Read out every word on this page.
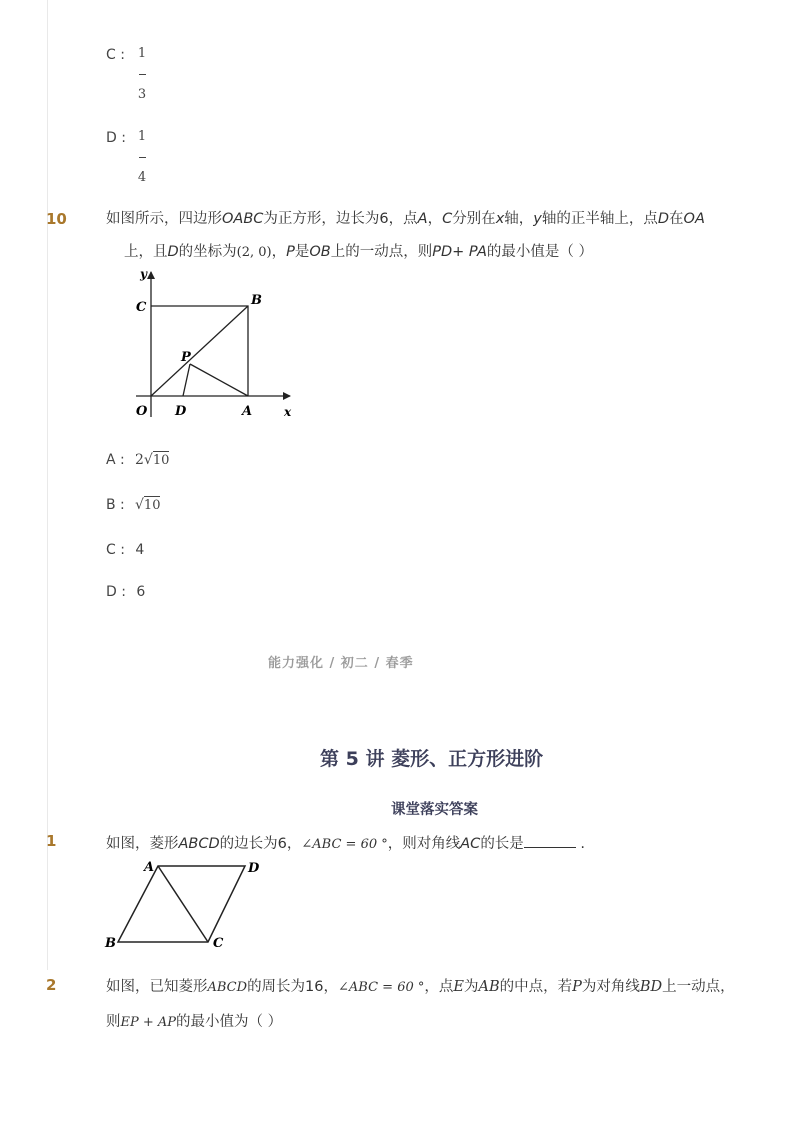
C : 1
3
D : 1
4
10	如图所示，四边形OABC为正方形，边长为6，点A，C分别在x轴，y轴的正半轴上，点D在OA
上，且D的坐标为(2, 0)，P是OB上的一动点，则PD+ PA的最小值是（ ）
y
x
C	B
P
O D	A
A : 2√10
B : √10
C : 4
D : 6
能力强化 / 初二 / 春季
第 5 讲 菱形、正方形进阶
课堂落实答案
1	如图，菱形ABCD的边长为6，∠ABC = 60 °，则对角线AC的长是	.
A	D
B	C
2	如图，已知菱形ABCD的周长为16，∠ABC = 60 °，点E为AB的中点，若P为对角线BD上一动点，
则EP + AP的最小值为（ ）
